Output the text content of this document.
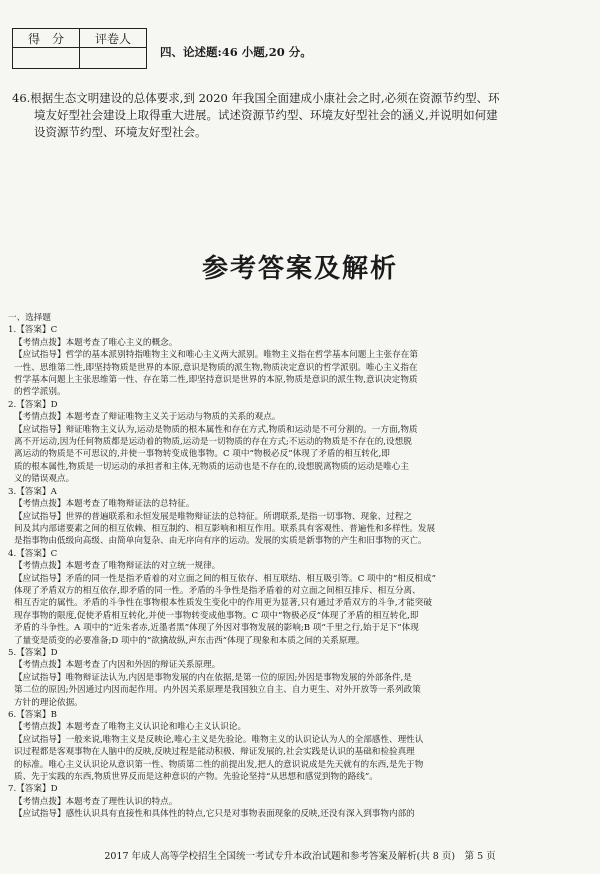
得　分	评卷人

四、论述题:46 小题,20 分。
46.根据生态文明建设的总体要求,到 2020 年我国全面建成小康社会之时,必须在资源节约型、环
境友好型社会建设上取得重大进展。试述资源节约型、环境友好型社会的涵义,并说明如何建
设资源节约型、环境友好型社会。
参考答案及解析
一、选择题
1.【答案】C
【考情点拨】本题考查了唯心主义的概念。
【应试指导】哲学的基本派别特指唯物主义和唯心主义两大派别。唯物主义指在哲学基本问题上主张存在第
一性、思维第二性,即坚持物质是世界的本原,意识是物质的派生物,物质决定意识的哲学派别。唯心主义指在
哲学基本问题上主张思维第一性、存在第二性,即坚持意识是世界的本原,物质是意识的派生物,意识决定物质
的哲学派别。
2.【答案】D
【考情点拨】本题考查了辩证唯物主义关于运动与物质的关系的观点。
【应试指导】辩证唯物主义认为,运动是物质的根本属性和存在方式,物质和运动是不可分割的。一方面,物质
离不开运动,因为任何物质都是运动着的物质,运动是一切物质的存在方式;不运动的物质是不存在的,设想脱
离运动的物质是不可思议的,并使一事物转变成他事物。C 项中“物极必反”体现了矛盾的相互转化,即
质的根本属性,物质是一切运动的承担者和主体,无物质的运动也是不存在的,设想脱离物质的运动是唯心主
义的错误观点。
3.【答案】A
【考情点拨】本题考查了唯物辩证法的总特征。
【应试指导】世界的普遍联系和永恒发展是唯物辩证法的总特征。所谓联系,是指一切事物、现象、过程之
间及其内部诸要素之间的相互依赖、相互制约、相互影响和相互作用。联系具有客观性、普遍性和多样性。发展
是指事物由低级向高级、由简单向复杂、由无序向有序的运动。发展的实质是新事物的产生和旧事物的灭亡。
4.【答案】C
【考情点拨】本题考查了唯物辩证法的对立统一规律。
【应试指导】矛盾的同一性是指矛盾着的对立面之间的相互依存、相互联结、相互吸引等。C 项中的“相反相成”
体现了矛盾双方的相互依存,即矛盾的同一性。矛盾的斗争性是指矛盾着的对立面之间相互排斥、相互分离、
相互否定的属性。矛盾的斗争性在事物根本性质发生变化中的作用更为显著,只有通过矛盾双方的斗争,才能突破
现存事物的限度,促使矛盾相互转化,并使一事物转变成他事物。C 项中“物极必反”体现了矛盾的相互转化,即
矛盾的斗争性。A 项中的“近朱者赤,近墨者黑”体现了外因对事物发展的影响;B 项“千里之行,始于足下”体现
了量变是质变的必要准备;D 项中的“欲擒故纵,声东击西”体现了现象和本质之间的关系原理。
5.【答案】D
【考情点拨】本题考查了内因和外因的辩证关系原理。
【应试指导】唯物辩证法认为,内因是事物发展的内在依据,是第一位的原因;外因是事物发展的外部条件,是
第二位的原因;外因通过内因而起作用。内外因关系原理是我国独立自主、自力更生、对外开放等一系列政策
方针的理论依据。
6.【答案】B
【考情点拨】本题考查了唯物主义认识论和唯心主义认识论。
【应试指导】一般来说,唯物主义是反映论,唯心主义是先验论。唯物主义的认识论认为人的全部感性、理性认
识过程都是客观事物在人脑中的反映,反映过程是能动积极、辩证发展的,社会实践是认识的基础和检验真理
的标准。唯心主义认识论从意识第一性、物质第二性的前提出发,把人的意识说成是先天就有的东西,是先于物
质、先于实践的东西,物质世界反而是这种意识的产物。先验论坚持“从思想和感觉到物的路线”。
7.【答案】D
【考情点拨】本题考查了理性认识的特点。
【应试指导】感性认识具有直接性和具体性的特点,它只是对事物表面现象的反映,还没有深入到事物内部的
2017 年成人高等学校招生全国统一考试专升本政治试题和参考答案及解析(共 8 页)　第 5 页
